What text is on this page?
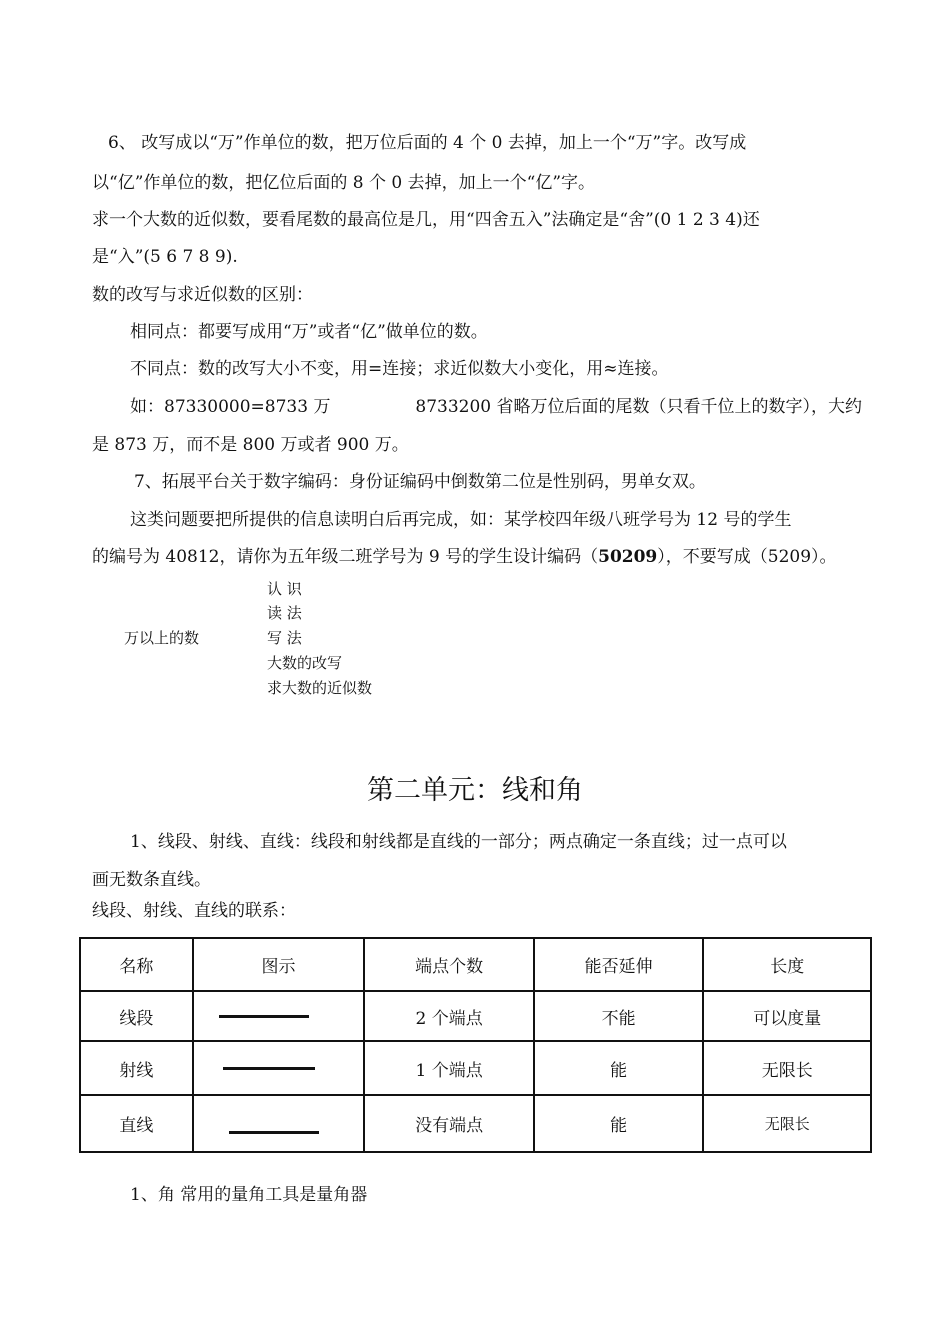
6、 改写成以“万”作单位的数，把万位后面的 4 个 0 去掉，加上一个“万”字。改写成
以“亿”作单位的数，把亿位后面的 8 个 0 去掉，加上一个“亿”字。
求一个大数的近似数，要看尾数的最高位是几，用“四舍五入”法确定是“舍”(0 1 2 3 4)还
是“入”(5 6 7 8 9).
数的改写与求近似数的区别：
相同点：都要写成用“万”或者“亿”做单位的数。
不同点：数的改写大小不变，用=连接；求近似数大小变化，用≈连接。
如：87330000=8733 万	8733200 省略万位后面的尾数（只看千位上的数字），大约
是 873 万，而不是 800 万或者 900 万。
7、拓展平台关于数字编码：身份证编码中倒数第二位是性别码，男单女双。
这类问题要把所提供的信息读明白后再完成，如：某学校四年级八班学号为 12 号的学生
的编号为 40812，请你为五年级二班学号为 9 号的学生设计编码（50209），不要写成（5209）。
万以上的数
认 识
读 法
写 法
大数的改写
求大数的近似数
第二单元：线和角
1、线段、射线、直线：线段和射线都是直线的一部分；两点确定一条直线；过一点可以
画无数条直线。
线段、射线、直线的联系：
名称	图示	端点个数	能否延伸	长度
线段		2 个端点	不能	可以度量
射线		1 个端点	能	无限长
直线		没有端点	能	无限长
1、角 常用的量角工具是量角器
